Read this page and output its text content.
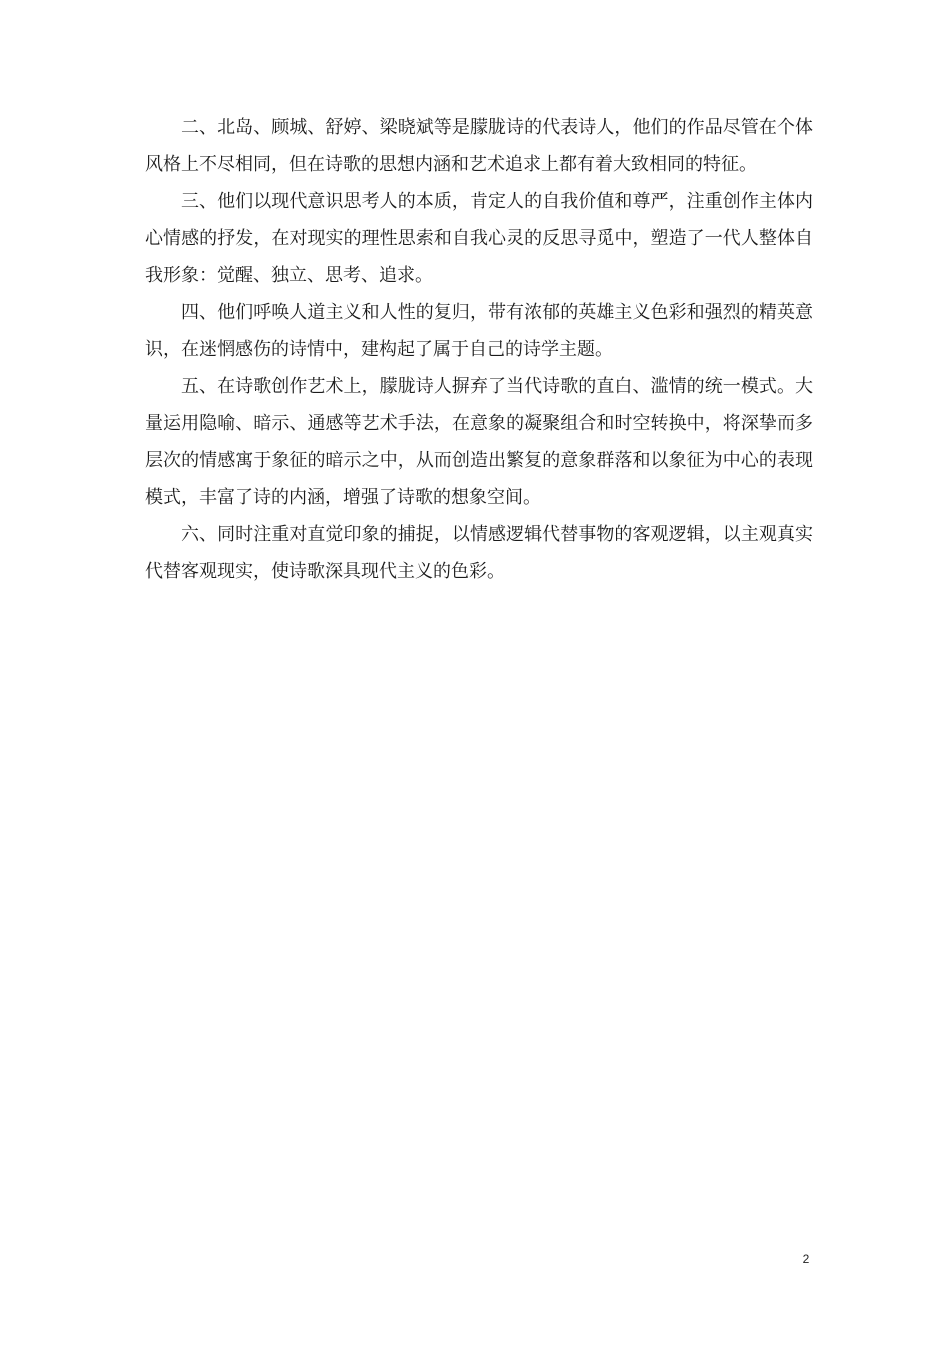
二、北岛、顾城、舒婷、梁晓斌等是朦胧诗的代表诗人，他们的作品尽管在个体风格上不尽相同，但在诗歌的思想内涵和艺术追求上都有着大致相同的特征。

三、他们以现代意识思考人的本质，肯定人的自我价值和尊严，注重创作主体内心情感的抒发，在对现实的理性思索和自我心灵的反思寻觅中，塑造了一代人整体自我形象：觉醒、独立、思考、追求。

四、他们呼唤人道主义和人性的复归，带有浓郁的英雄主义色彩和强烈的精英意识，在迷惘感伤的诗情中，建构起了属于自己的诗学主题。

五、在诗歌创作艺术上，朦胧诗人摒弃了当代诗歌的直白、滥情的统一模式。大量运用隐喻、暗示、通感等艺术手法，在意象的凝聚组合和时空转换中，将深挚而多层次的情感寓于象征的暗示之中，从而创造出繁复的意象群落和以象征为中心的表现模式，丰富了诗的内涵，增强了诗歌的想象空间。

六、同时注重对直觉印象的捕捉，以情感逻辑代替事物的客观逻辑，以主观真实代替客观现实，使诗歌深具现代主义的色彩。

2
